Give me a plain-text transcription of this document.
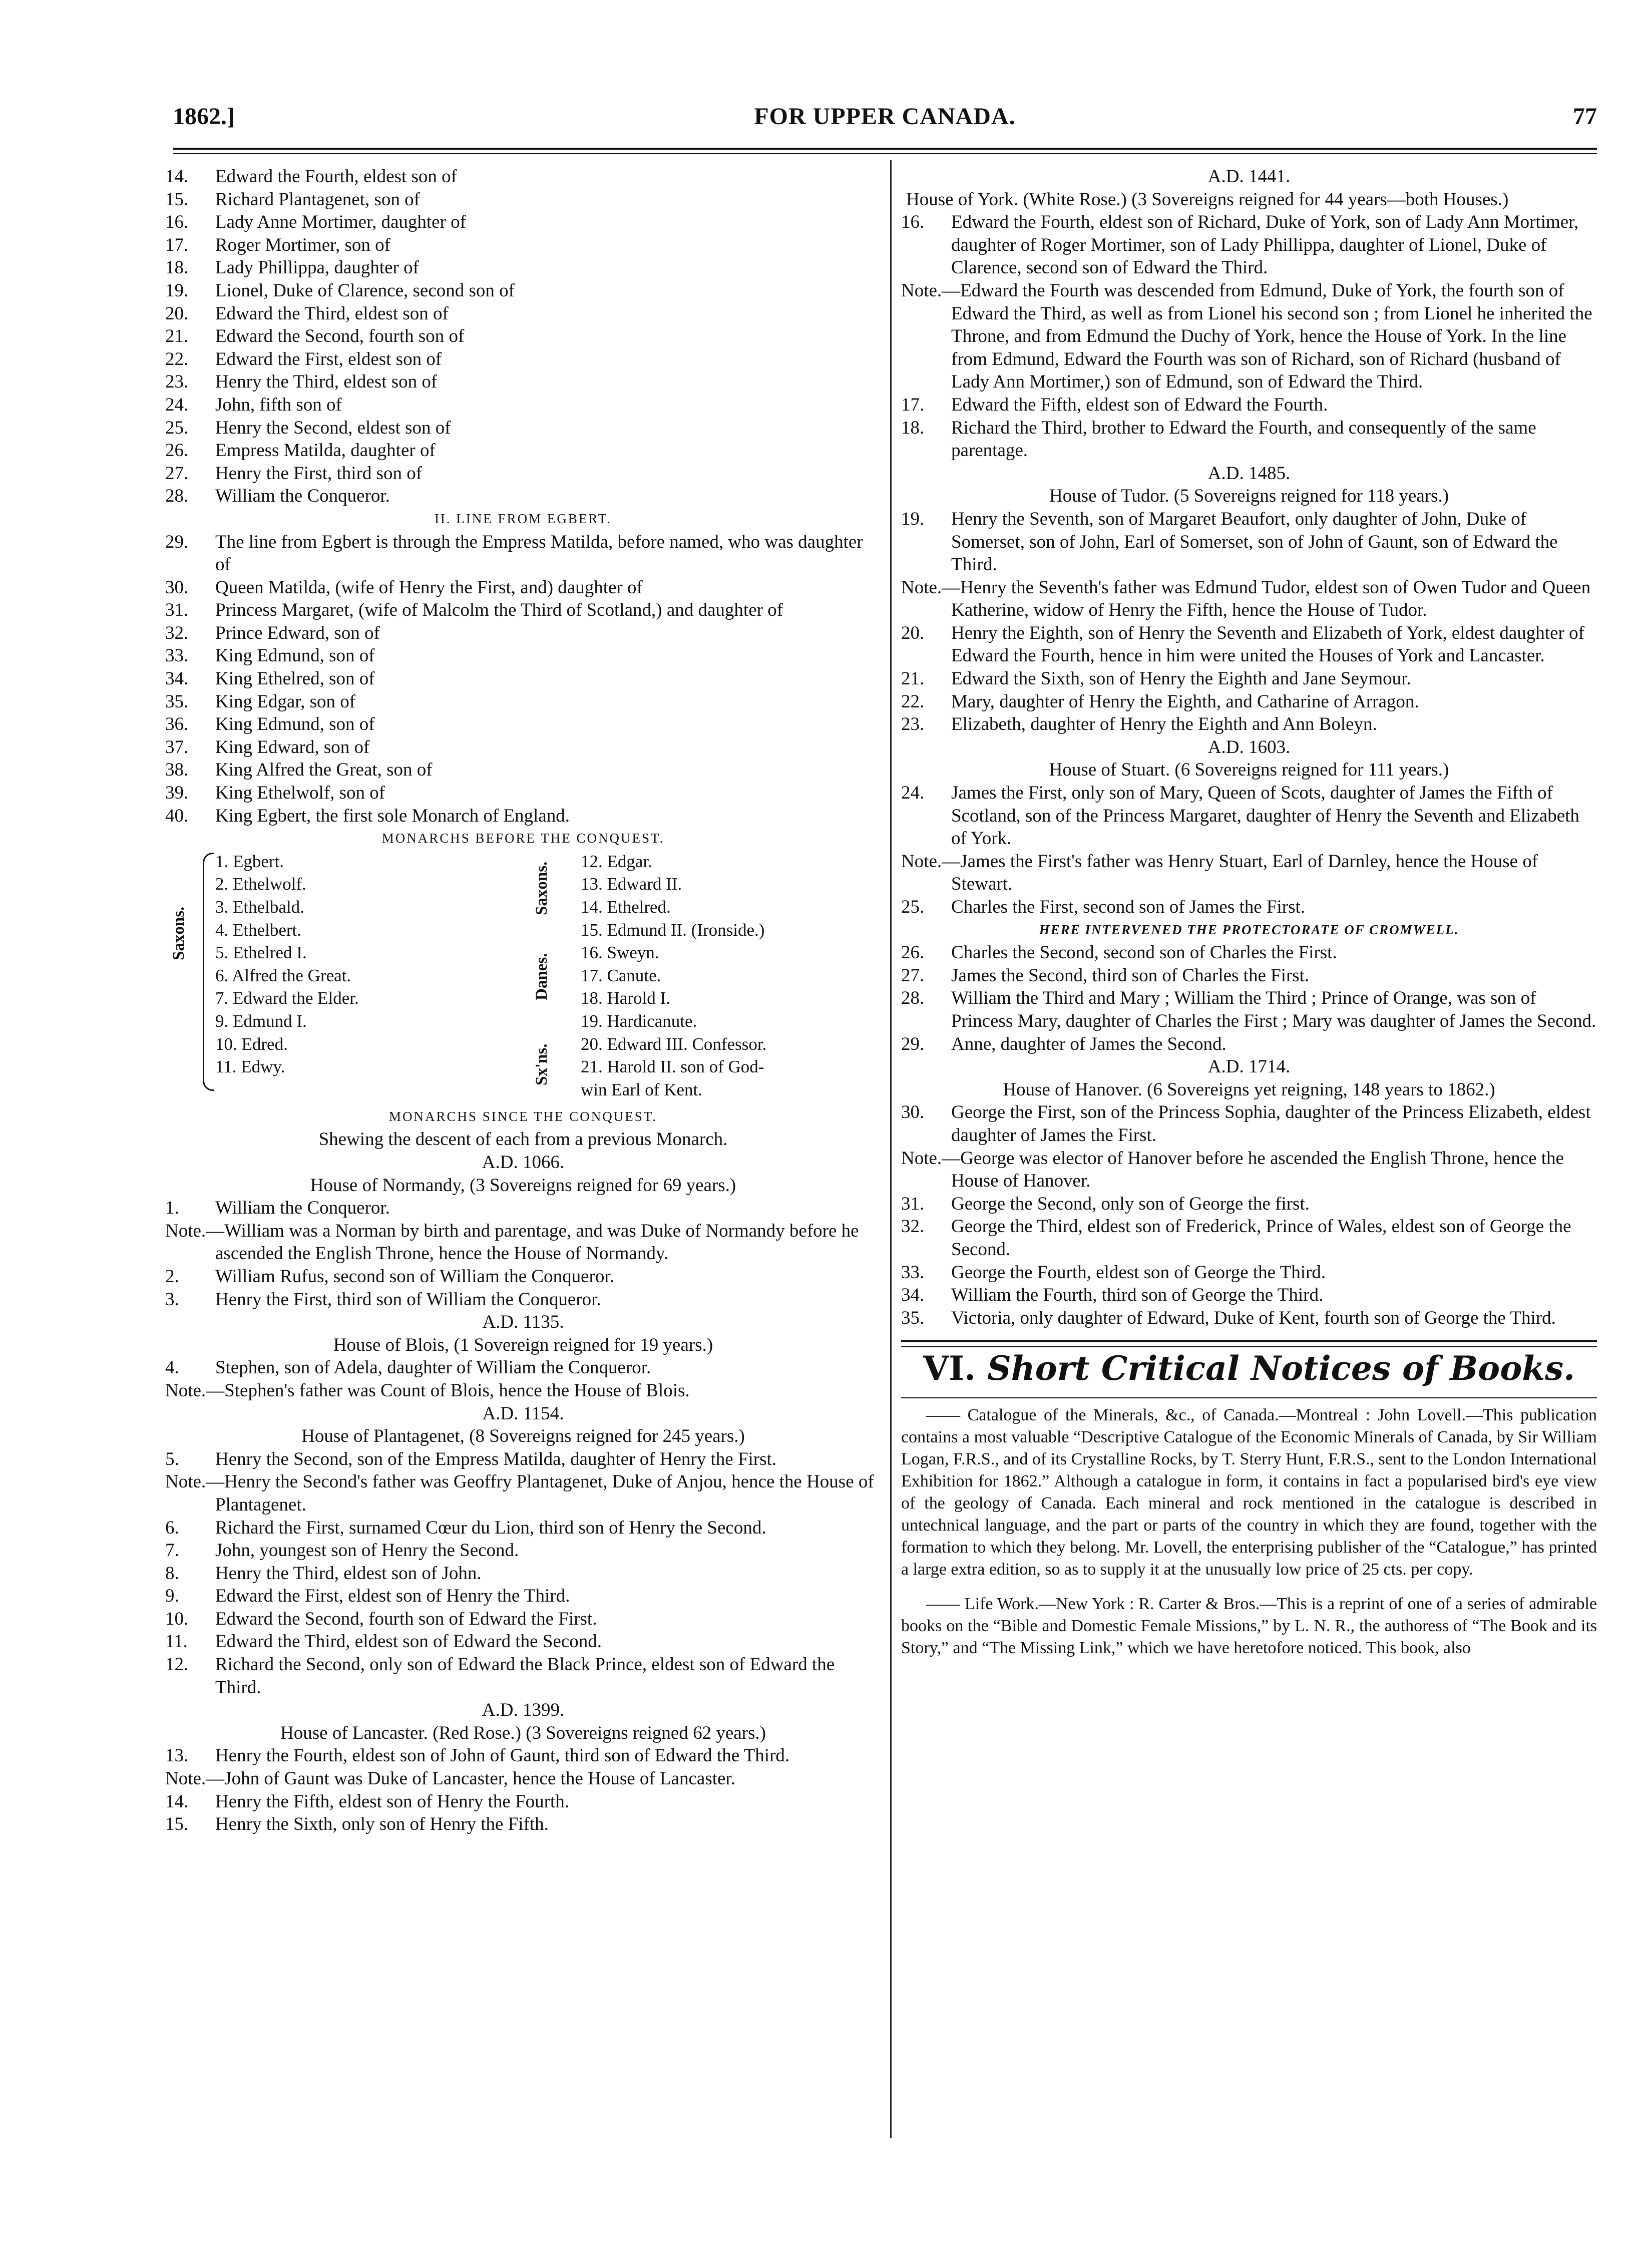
1862.]	FOR UPPER CANADA.	77
14. Edward the Fourth, eldest son of
15. Richard Plantagenet, son of
16. Lady Anne Mortimer, daughter of
17. Roger Mortimer, son of
18. Lady Phillippa, daughter of
19. Lionel, Duke of Clarence, second son of
20. Edward the Third, eldest son of
21. Edward the Second, fourth son of
22. Edward the First, eldest son of
23. Henry the Third, eldest son of
24. John, fifth son of
25. Henry the Second, eldest son of
26. Empress Matilda, daughter of
27. Henry the First, third son of
28. William the Conqueror.
II. LINE FROM EGBERT.
29. The line from Egbert is through the Empress Matilda, before named, who was daughter of
30. Queen Matilda, (wife of Henry the First, and) daughter of
31. Princess Margaret, (wife of Malcolm the Third of Scotland,) and daughter of
32. Prince Edward, son of
33. King Edmund, son of
34. King Ethelred, son of
35. King Edgar, son of
36. King Edmund, son of
37. King Edward, son of
38. King Alfred the Great, son of
39. King Ethelwolf, son of
40. King Egbert, the first sole Monarch of England.
MONARCHS BEFORE THE CONQUEST.
Saxons.
1. Egbert.
2. Ethelwolf.
3. Ethelbald.
4. Ethelbert.
5. Ethelred I.
6. Alfred the Great.
7. Edward the Elder.
9. Edmund I.
10. Edred.
11. Edwy.
Saxons.
Danes.
Sx'ns.
12. Edgar.
13. Edward II.
14. Ethelred.
15. Edmund II. (Ironside.)
16. Sweyn.
17. Canute.
18. Harold I.
19. Hardicanute.
20. Edward III. Confessor.
21. Harold II. son of God-
win Earl of Kent.
MONARCHS SINCE THE CONQUEST.
Shewing the descent of each from a previous Monarch.
A.D. 1066.
House of Normandy, (3 Sovereigns reigned for 69 years.)
1. William the Conqueror.
Note.—William was a Norman by birth and parentage, and was Duke of Normandy before he ascended the English Throne, hence the House of Normandy.
2. William Rufus, second son of William the Conqueror.
3. Henry the First, third son of William the Conqueror.
A.D. 1135.
House of Blois, (1 Sovereign reigned for 19 years.)
4. Stephen, son of Adela, daughter of William the Conqueror.
Note.—Stephen's father was Count of Blois, hence the House of Blois.
A.D. 1154.
House of Plantagenet, (8 Sovereigns reigned for 245 years.)
5. Henry the Second, son of the Empress Matilda, daughter of Henry the First.
Note.—Henry the Second's father was Geoffry Plantagenet, Duke of Anjou, hence the House of Plantagenet.
6. Richard the First, surnamed Cœur du Lion, third son of Henry the Second.
7. John, youngest son of Henry the Second.
8. Henry the Third, eldest son of John.
9. Edward the First, eldest son of Henry the Third.
10. Edward the Second, fourth son of Edward the First.
11. Edward the Third, eldest son of Edward the Second.
12. Richard the Second, only son of Edward the Black Prince, eldest son of Edward the Third.
A.D. 1399.
House of Lancaster. (Red Rose.) (3 Sovereigns reigned 62 years.)
13. Henry the Fourth, eldest son of John of Gaunt, third son of Edward the Third.
Note.—John of Gaunt was Duke of Lancaster, hence the House of Lancaster.
14. Henry the Fifth, eldest son of Henry the Fourth.
15. Henry the Sixth, only son of Henry the Fifth.
A.D. 1441.
House of York. (White Rose.) (3 Sovereigns reigned for 44 years—both Houses.)
16. Edward the Fourth, eldest son of Richard, Duke of York, son of Lady Ann Mortimer, daughter of Roger Mortimer, son of Lady Phillippa, daughter of Lionel, Duke of Clarence, second son of Edward the Third.
Note.—Edward the Fourth was descended from Edmund, Duke of York, the fourth son of Edward the Third, as well as from Lionel his second son ; from Lionel he inherited the Throne, and from Edmund the Duchy of York, hence the House of York. In the line from Edmund, Edward the Fourth was son of Richard, son of Richard (husband of Lady Ann Mortimer,) son of Edmund, son of Edward the Third.
17. Edward the Fifth, eldest son of Edward the Fourth.
18. Richard the Third, brother to Edward the Fourth, and consequently of the same parentage.
A.D. 1485.
House of Tudor. (5 Sovereigns reigned for 118 years.)
19. Henry the Seventh, son of Margaret Beaufort, only daughter of John, Duke of Somerset, son of John, Earl of Somerset, son of John of Gaunt, son of Edward the Third.
Note.—Henry the Seventh's father was Edmund Tudor, eldest son of Owen Tudor and Queen Katherine, widow of Henry the Fifth, hence the House of Tudor.
20. Henry the Eighth, son of Henry the Seventh and Elizabeth of York, eldest daughter of Edward the Fourth, hence in him were united the Houses of York and Lancaster.
21. Edward the Sixth, son of Henry the Eighth and Jane Seymour.
22. Mary, daughter of Henry the Eighth, and Catharine of Arragon.
23. Elizabeth, daughter of Henry the Eighth and Ann Boleyn.
A.D. 1603.
House of Stuart. (6 Sovereigns reigned for 111 years.)
24. James the First, only son of Mary, Queen of Scots, daughter of James the Fifth of Scotland, son of the Princess Margaret, daughter of Henry the Seventh and Elizabeth of York.
Note.—James the First's father was Henry Stuart, Earl of Darnley, hence the House of Stewart.
25. Charles the First, second son of James the First.
HERE INTERVENED THE PROTECTORATE OF CROMWELL.
26. Charles the Second, second son of Charles the First.
27. James the Second, third son of Charles the First.
28. William the Third and Mary ; William the Third ; Prince of Orange, was son of Princess Mary, daughter of Charles the First ; Mary was daughter of James the Second.
29. Anne, daughter of James the Second.
A.D. 1714.
House of Hanover. (6 Sovereigns yet reigning, 148 years to 1862.)
30. George the First, son of the Princess Sophia, daughter of the Princess Elizabeth, eldest daughter of James the First.
Note.—George was elector of Hanover before he ascended the English Throne, hence the House of Hanover.
31. George the Second, only son of George the first.
32. George the Third, eldest son of Frederick, Prince of Wales, eldest son of George the Second.
33. George the Fourth, eldest son of George the Third.
34. William the Fourth, third son of George the Third.
35. Victoria, only daughter of Edward, Duke of Kent, fourth son of George the Third.
VI. Short Critical Notices of Books.
—— Catalogue of the Minerals, &c., of Canada.—Montreal : John Lovell.—This publication contains a most valuable “Descriptive Catalogue of the Economic Minerals of Canada, by Sir William Logan, F.R.S., and of its Crystalline Rocks, by T. Sterry Hunt, F.R.S., sent to the London International Exhibition for 1862.” Although a catalogue in form, it contains in fact a popularised bird's eye view of the geology of Canada. Each mineral and rock mentioned in the catalogue is described in untechnical language, and the part or parts of the country in which they are found, together with the formation to which they belong. Mr. Lovell, the enterprising publisher of the “Catalogue,” has printed a large extra edition, so as to supply it at the unusually low price of 25 cts. per copy.
—— Life Work.—New York : R. Carter & Bros.—This is a reprint of one of a series of admirable books on the “Bible and Domestic Female Missions,” by L. N. R., the authoress of “The Book and its Story,” and “The Missing Link,” which we have heretofore noticed. This book, also
